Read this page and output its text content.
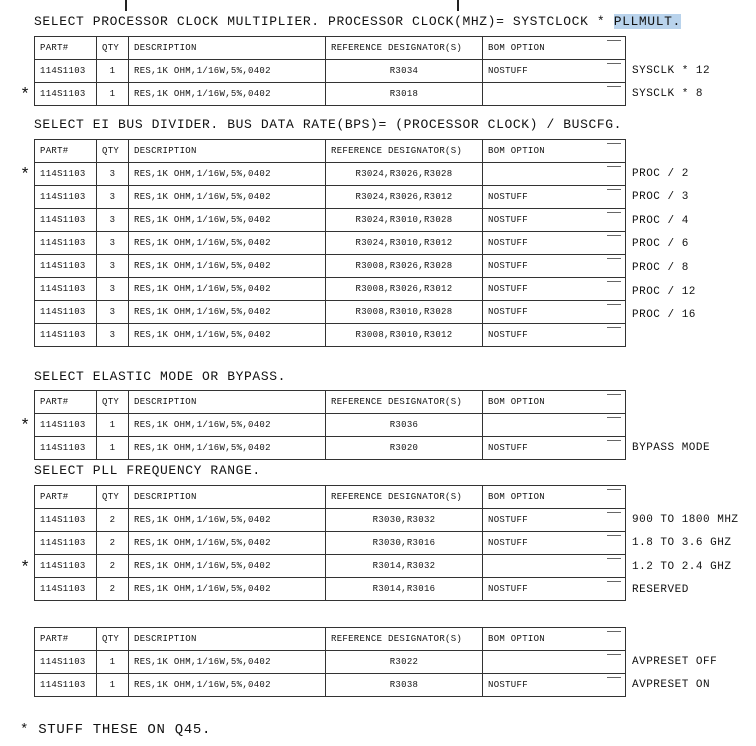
SELECT PROCESSOR CLOCK MULTIPLIER. PROCESSOR CLOCK(MHZ)= SYSTCLOCK * PLLMULT.
SYSCLK * 12
SYSCLK * 8
*
PART#	QTY	DESCRIPTION	REFERENCE DESIGNATOR(S)	BOM OPTION
114S1103	1	RES,1K OHM,1/16W,5%,0402	R3034	NOSTUFF
114S1103	1	RES,1K OHM,1/16W,5%,0402	R3018	
SELECT EI BUS DIVIDER. BUS DATA RATE(BPS)= (PROCESSOR CLOCK) / BUSCFG.
PROC / 2
*
PROC / 3
PROC / 4
PROC / 6
PROC / 8
PROC / 12
PROC / 16
PART#	QTY	DESCRIPTION	REFERENCE DESIGNATOR(S)	BOM OPTION
114S1103	3	RES,1K OHM,1/16W,5%,0402	R3024,R3026,R3028	
114S1103	3	RES,1K OHM,1/16W,5%,0402	R3024,R3026,R3012	NOSTUFF
114S1103	3	RES,1K OHM,1/16W,5%,0402	R3024,R3010,R3028	NOSTUFF
114S1103	3	RES,1K OHM,1/16W,5%,0402	R3024,R3010,R3012	NOSTUFF
114S1103	3	RES,1K OHM,1/16W,5%,0402	R3008,R3026,R3028	NOSTUFF
114S1103	3	RES,1K OHM,1/16W,5%,0402	R3008,R3026,R3012	NOSTUFF
114S1103	3	RES,1K OHM,1/16W,5%,0402	R3008,R3010,R3028	NOSTUFF
114S1103	3	RES,1K OHM,1/16W,5%,0402	R3008,R3010,R3012	NOSTUFF
SELECT ELASTIC MODE OR BYPASS.
*
BYPASS MODE
PART#	QTY	DESCRIPTION	REFERENCE DESIGNATOR(S)	BOM OPTION
114S1103	1	RES,1K OHM,1/16W,5%,0402	R3036	
114S1103	1	RES,1K OHM,1/16W,5%,0402	R3020	NOSTUFF
SELECT PLL FREQUENCY RANGE.
900 TO 1800 MHZ
1.8 TO 3.6 GHZ
1.2 TO 2.4 GHZ
*
RESERVED
PART#	QTY	DESCRIPTION	REFERENCE DESIGNATOR(S)	BOM OPTION
114S1103	2	RES,1K OHM,1/16W,5%,0402	R3030,R3032	NOSTUFF
114S1103	2	RES,1K OHM,1/16W,5%,0402	R3030,R3016	NOSTUFF
114S1103	2	RES,1K OHM,1/16W,5%,0402	R3014,R3032	
114S1103	2	RES,1K OHM,1/16W,5%,0402	R3014,R3016	NOSTUFF
AVPRESET OFF
AVPRESET ON
PART#	QTY	DESCRIPTION	REFERENCE DESIGNATOR(S)	BOM OPTION
114S1103	1	RES,1K OHM,1/16W,5%,0402	R3022	
114S1103	1	RES,1K OHM,1/16W,5%,0402	R3038	NOSTUFF
* STUFF THESE ON Q45.
